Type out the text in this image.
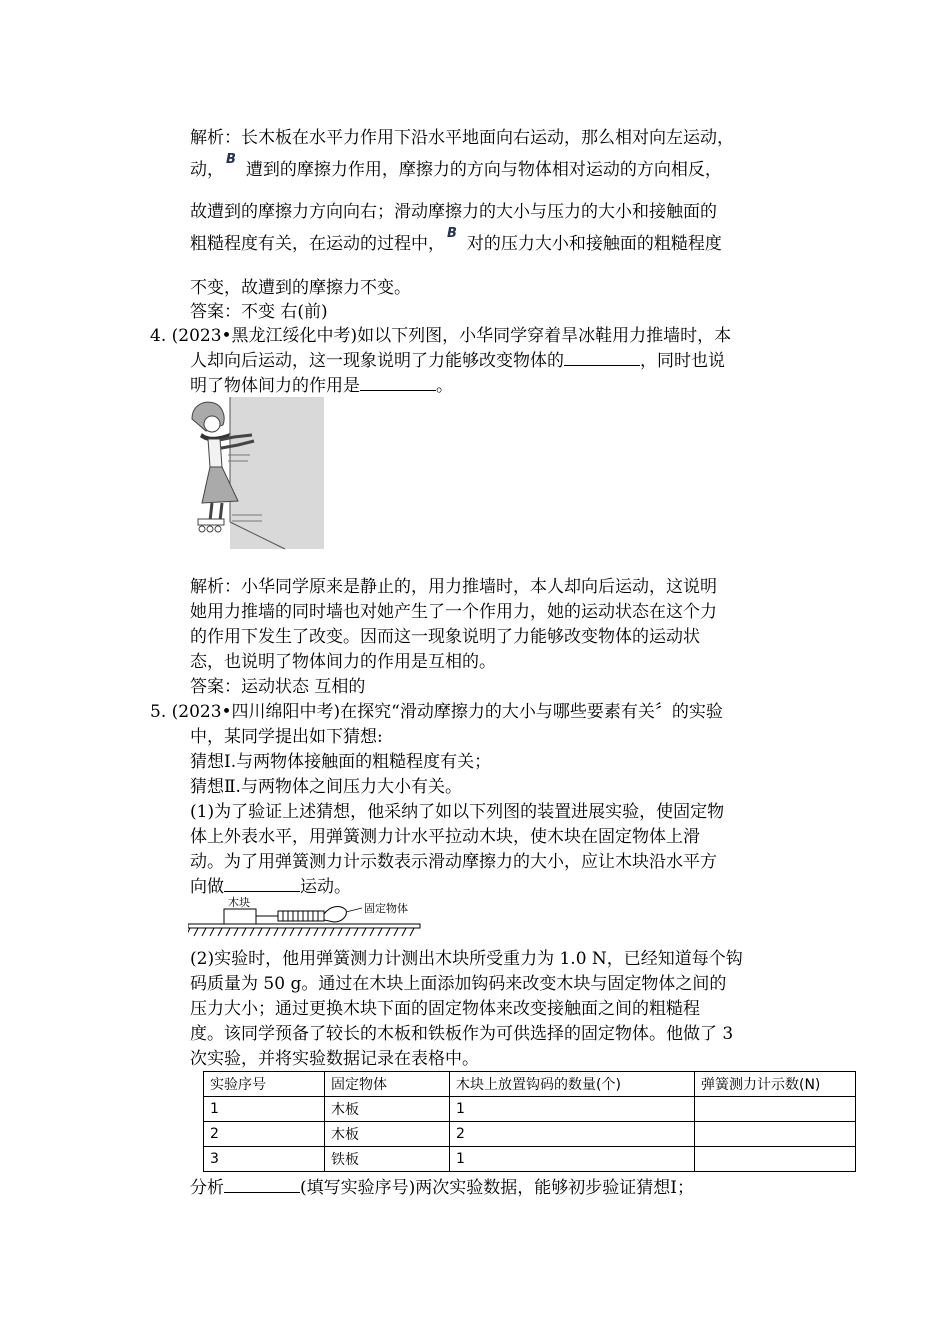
解析：长木板在水平力作用下沿水平地面向右运动，那么相对向左运动，
动，$^B$遭到的摩擦力作用，摩擦力的方向与物体相对运动的方向相反，
故遭到的摩擦力方向向右；滑动摩擦力的大小与压力的大小和接触面的
粗糙程度有关，在运动的过程中，$^B$对的压力大小和接触面的粗糙程度
不变，故遭到的摩擦力不变。
答案：不变 右(前)
4. (2023•黑龙江绥化中考)如以下列图，小华同学穿着旱冰鞋用力推墙时，本
人却向后运动，这一现象说明了力能够改变物体的	，同时也说
明了物体间力的作用是	。
解析：小华同学原来是静止的，用力推墙时，本人却向后运动，这说明
她用力推墙的同时墙也对她产生了一个作用力，她的运动状态在这个力
的作用下发生了改变。因而这一现象说明了力能够改变物体的运动状
态，也说明了物体间力的作用是互相的。
答案：运动状态 互相的
5. (2023•四川绵阳中考)在探究“滑动摩擦力的大小与哪些要素有关〞的实验
中，某同学提出如下猜想:
猜想Ⅰ.与两物体接触面的粗糙程度有关；
猜想Ⅱ.与两物体之间压力大小有关。
(1)为了验证上述猜想，他采纳了如以下列图的装置进展实验，使固定物
体上外表水平，用弹簧测力计水平拉动木块，使木块在固定物体上滑
动。为了用弹簧测力计示数表示滑动摩擦力的大小，应让木块沿水平方
向做	运动。
木块	固定物体
(2)实验时，他用弹簧测力计测出木块所受重力为 1.0 N，已经知道每个钩
码质量为 50 g。通过在木块上面添加钩码来改变木块与固定物体之间的
压力大小；通过更换木块下面的固定物体来改变接触面之间的粗糙程
度。该同学预备了较长的木板和铁板作为可供选择的固定物体。他做了 3
次实验，并将实验数据记录在表格中。
实验序号	固定物体	木块上放置钩码的数量(个)	弹簧测力计示数(N)
1	木板	1	
2	木板	2	
3	铁板	1	
分析	(填写实验序号)两次实验数据，能够初步验证猜想Ⅰ；
